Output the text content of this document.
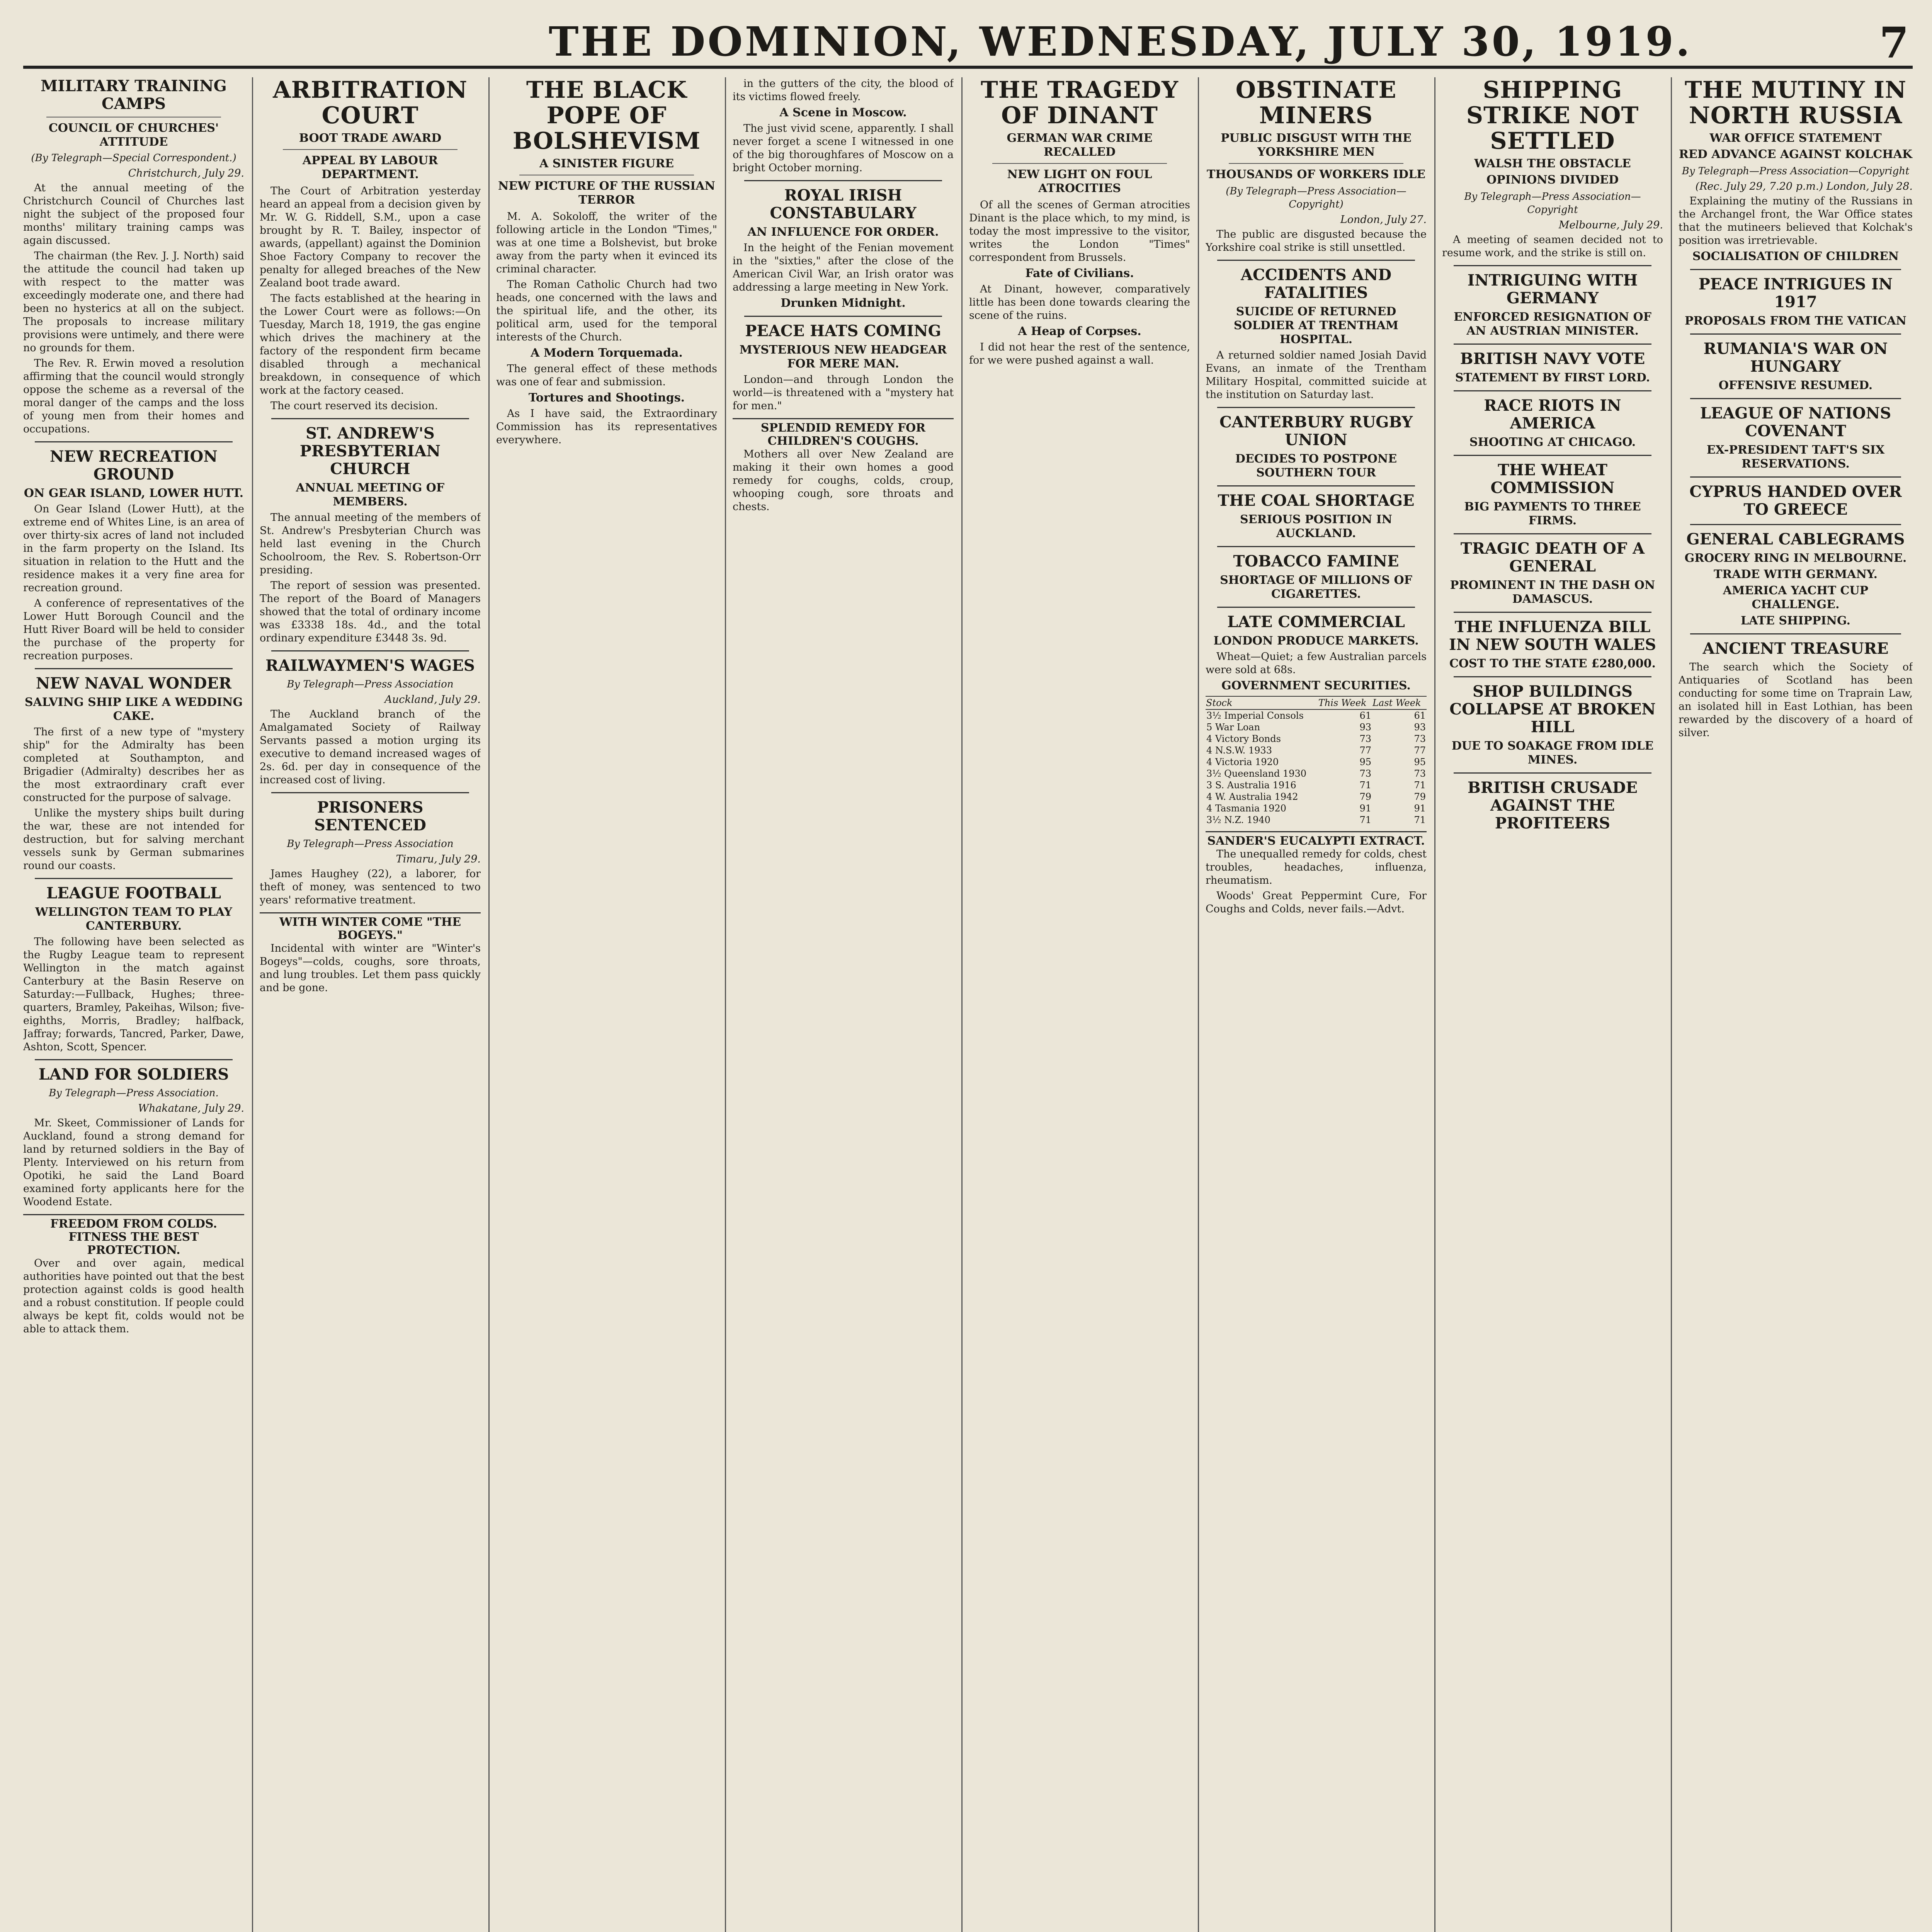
THE DOMINION, WEDNESDAY, JULY 30, 1919.	7
MILITARY TRAINING CAMPS
COUNCIL OF CHURCHES' ATTITUDE
(By Telegraph—Special Correspondent.)
Christchurch, July 29.

At the annual meeting of the Christchurch Council of Churches last night the subject of the proposed four months' military training camps was again discussed.

The chairman (the Rev. J. J. North) said the attitude the council had taken up with respect to the matter was exceedingly moderate one, and there had been no hysterics at all on the subject. The proposals to increase military provisions were untimely, and there were no grounds for them.

The Rev. R. Erwin moved a resolution affirming that the council would strongly oppose the scheme as a reversal of the moral danger of the camps and the loss of young men from their homes and occupations.

NEW RECREATION GROUND
ON GEAR ISLAND, LOWER HUTT.

On Gear Island (Lower Hutt), at the extreme end of Whites Line, is an area of over thirty-six acres of land not included in the farm property on the Island. Its situation in relation to the Hutt and the residence makes it a very fine area for recreation ground.

A conference of representatives of the Lower Hutt Borough Council and the Hutt River Board will be held to consider the purchase of the property for recreation purposes.

NEW NAVAL WONDER
SALVING SHIP LIKE A WEDDING CAKE.

The first of a new type of "mystery ship" for the Admiralty has been completed at Southampton, and Brigadier (Admiralty) describes her as the most extraordinary craft ever constructed for the purpose of salvage.

Unlike the mystery ships built during the war, these are not intended for destruction, but for salving merchant vessels sunk by German submarines round our coasts.

LEAGUE FOOTBALL
WELLINGTON TEAM TO PLAY CANTERBURY.

The following have been selected as the Rugby League team to represent Wellington in the match against Canterbury at the Basin Reserve on Saturday:—Fullback, Hughes; three-quarters, Bramley, Pakeihas, Wilson; five-eighths, Morris, Bradley; halfback, Jaffray; forwards, Tancred, Parker, Dawe, Ashton, Scott, Spencer.

LAND FOR SOLDIERS
By Telegraph—Press Association.
Whakatane, July 29.

Mr. Skeet, Commissioner of Lands for Auckland, found a strong demand for land by returned soldiers in the Bay of Plenty. Interviewed on his return from Opotiki, he said the Land Board examined forty applicants here for the Woodend Estate.

FREEDOM FROM COLDS. FITNESS THE BEST PROTECTION.

Over and over again, medical authorities have pointed out that the best protection against colds is good health and a robust constitution. If people could always be kept fit, colds would not be able to attack them.

ARBITRATION COURT
BOOT TRADE AWARD
APPEAL BY LABOUR DEPARTMENT.

The Court of Arbitration yesterday heard an appeal from a decision given by Mr. W. G. Riddell, S.M., upon a case brought by R. T. Bailey, inspector of awards, (appellant) against the Dominion Shoe Factory Company to recover the penalty for alleged breaches of the New Zealand boot trade award.

The facts established at the hearing in the Lower Court were as follows:—On Tuesday, March 18, 1919, the gas engine which drives the machinery at the factory of the respondent firm became disabled through a mechanical breakdown, in consequence of which work at the factory ceased.

The court reserved its decision.

ST. ANDREW'S PRESBYTERIAN CHURCH
ANNUAL MEETING OF MEMBERS.

The annual meeting of the members of St. Andrew's Presbyterian Church was held last evening in the Church Schoolroom, the Rev. S. Robertson-Orr presiding.

The report of session was presented. The report of the Board of Managers showed that the total of ordinary income was £3338 18s. 4d., and the total ordinary expenditure £3448 3s. 9d.

RAILWAYMEN'S WAGES
By Telegraph—Press Association
Auckland, July 29.

The Auckland branch of the Amalgamated Society of Railway Servants passed a motion urging its executive to demand increased wages of 2s. 6d. per day in consequence of the increased cost of living.

PRISONERS SENTENCED
By Telegraph—Press Association
Timaru, July 29.

James Haughey (22), a laborer, for theft of money, was sentenced to two years' reformative treatment.

WITH WINTER COME "THE BOGEYS."

Incidental with winter are "Winter's Bogeys"—colds, coughs, sore throats, and lung troubles. Let them pass quickly and be gone.

THE BLACK POPE OF BOLSHEVISM
A SINISTER FIGURE
NEW PICTURE OF THE RUSSIAN TERROR

M. A. Sokoloff, the writer of the following article in the London "Times," was at one time a Bolshevist, but broke away from the party when it evinced its criminal character.

The Roman Catholic Church had two heads, one concerned with the laws and the spiritual life, and the other, its political arm, used for the temporal interests of the Church.

A Modern Torquemada.

The general effect of these methods was one of fear and submission.

Tortures and Shootings.

As I have said, the Extraordinary Commission has its representatives everywhere.

in the gutters of the city, the blood of its victims flowed freely.

A Scene in Moscow.

The just vivid scene, apparently. I shall never forget a scene I witnessed in one of the big thoroughfares of Moscow on a bright October morning.

ROYAL IRISH CONSTABULARY
AN INFLUENCE FOR ORDER.

In the height of the Fenian movement in the "sixties," after the close of the American Civil War, an Irish orator was addressing a large meeting in New York.

Drunken Midnight.
PEACE HATS COMING
MYSTERIOUS NEW HEADGEAR FOR MERE MAN.

London—and through London the world—is threatened with a "mystery hat for men."

SPLENDID REMEDY FOR CHILDREN'S COUGHS.

Mothers all over New Zealand are making it their own homes a good remedy for coughs, colds, croup, whooping cough, sore throats and chests.

THE TRAGEDY OF DINANT
GERMAN WAR CRIME RECALLED
NEW LIGHT ON FOUL ATROCITIES

Of all the scenes of German atrocities Dinant is the place which, to my mind, is today the most impressive to the visitor, writes the London "Times" correspondent from Brussels.

Fate of Civilians.

At Dinant, however, comparatively little has been done towards clearing the scene of the ruins.

A Heap of Corpses.

I did not hear the rest of the sentence, for we were pushed against a wall.

OBSTINATE MINERS
PUBLIC DISGUST WITH THE YORKSHIRE MEN
THOUSANDS OF WORKERS IDLE
(By Telegraph—Press Association—Copyright)
London, July 27.

The public are disgusted because the Yorkshire coal strike is still unsettled.

ACCIDENTS AND FATALITIES
SUICIDE OF RETURNED SOLDIER AT TRENTHAM HOSPITAL.

A returned soldier named Josiah David Evans, an inmate of the Trentham Military Hospital, committed suicide at the institution on Saturday last.

CANTERBURY RUGBY UNION
DECIDES TO POSTPONE SOUTHERN TOUR
THE COAL SHORTAGE
SERIOUS POSITION IN AUCKLAND.
TOBACCO FAMINE
SHORTAGE OF MILLIONS OF CIGARETTES.
LATE COMMERCIAL
LONDON PRODUCE MARKETS.

Wheat—Quiet; a few Australian parcels were sold at 68s.

GOVERNMENT SECURITIES.
Stock	This Week	Last Week
3½ Imperial Consols	61	61
5 War Loan	93	93
4 Victory Bonds	73	73
4 N.S.W. 1933	77	77
4 Victoria 1920	95	95
3½ Queensland 1930	73	73
3 S. Australia 1916	71	71
4 W. Australia 1942	79	79
4 Tasmania 1920	91	91
3½ N.Z. 1940	71	71
SANDER'S EUCALYPTI EXTRACT.

The unequalled remedy for colds, chest troubles, headaches, influenza, rheumatism.

Woods' Great Peppermint Cure, For Coughs and Colds, never fails.—Advt.

SHIPPING STRIKE NOT SETTLED
WALSH THE OBSTACLE
OPINIONS DIVIDED
By Telegraph—Press Association—Copyright
Melbourne, July 29.

A meeting of seamen decided not to resume work, and the strike is still on.

INTRIGUING WITH GERMANY
ENFORCED RESIGNATION OF AN AUSTRIAN MINISTER.
BRITISH NAVY VOTE
STATEMENT BY FIRST LORD.
RACE RIOTS IN AMERICA
SHOOTING AT CHICAGO.
THE WHEAT COMMISSION
BIG PAYMENTS TO THREE FIRMS.
TRAGIC DEATH OF A GENERAL
PROMINENT IN THE DASH ON DAMASCUS.
THE INFLUENZA BILL IN NEW SOUTH WALES
COST TO THE STATE £280,000.
SHOP BUILDINGS COLLAPSE AT BROKEN HILL
DUE TO SOAKAGE FROM IDLE MINES.
BRITISH CRUSADE AGAINST THE PROFITEERS
THE MUTINY IN NORTH RUSSIA
WAR OFFICE STATEMENT
RED ADVANCE AGAINST KOLCHAK
By Telegraph—Press Association—Copyright
(Rec. July 29, 7.20 p.m.) London, July 28.

Explaining the mutiny of the Russians in the Archangel front, the War Office states that the mutineers believed that Kolchak's position was irretrievable.

SOCIALISATION OF CHILDREN
PEACE INTRIGUES IN 1917
PROPOSALS FROM THE VATICAN
RUMANIA'S WAR ON HUNGARY
OFFENSIVE RESUMED.
LEAGUE OF NATIONS COVENANT
EX-PRESIDENT TAFT'S SIX RESERVATIONS.
CYPRUS HANDED OVER TO GREECE
GENERAL CABLEGRAMS
GROCERY RING IN MELBOURNE.
TRADE WITH GERMANY.
AMERICA YACHT CUP CHALLENGE.
LATE SHIPPING.
ANCIENT TREASURE

The search which the Society of Antiquaries of Scotland has been conducting for some time on Traprain Law, an isolated hill in East Lothian, has been rewarded by the discovery of a hoard of silver.
